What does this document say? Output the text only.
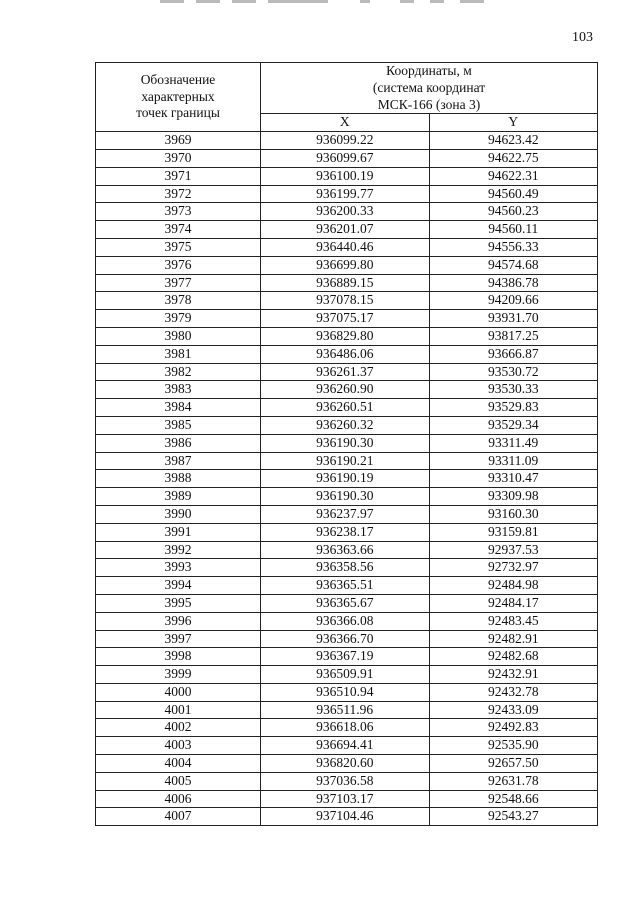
103
Обозначение
характерных
точек границы	Координаты, м
(система координат
МСК-166 (зона 3)	

	X	Y
3969	936099.22	94623.42
3970	936099.67	94622.75
3971	936100.19	94622.31
3972	936199.77	94560.49
3973	936200.33	94560.23
3974	936201.07	94560.11
3975	936440.46	94556.33
3976	936699.80	94574.68
3977	936889.15	94386.78
3978	937078.15	94209.66
3979	937075.17	93931.70
3980	936829.80	93817.25
3981	936486.06	93666.87
3982	936261.37	93530.72
3983	936260.90	93530.33
3984	936260.51	93529.83
3985	936260.32	93529.34
3986	936190.30	93311.49
3987	936190.21	93311.09
3988	936190.19	93310.47
3989	936190.30	93309.98
3990	936237.97	93160.30
3991	936238.17	93159.81
3992	936363.66	92937.53
3993	936358.56	92732.97
3994	936365.51	92484.98
3995	936365.67	92484.17
3996	936366.08	92483.45
3997	936366.70	92482.91
3998	936367.19	92482.68
3999	936509.91	92432.91
4000	936510.94	92432.78
4001	936511.96	92433.09
4002	936618.06	92492.83
4003	936694.41	92535.90
4004	936820.60	92657.50
4005	937036.58	92631.78
4006	937103.17	92548.66
4007	937104.46	92543.27
